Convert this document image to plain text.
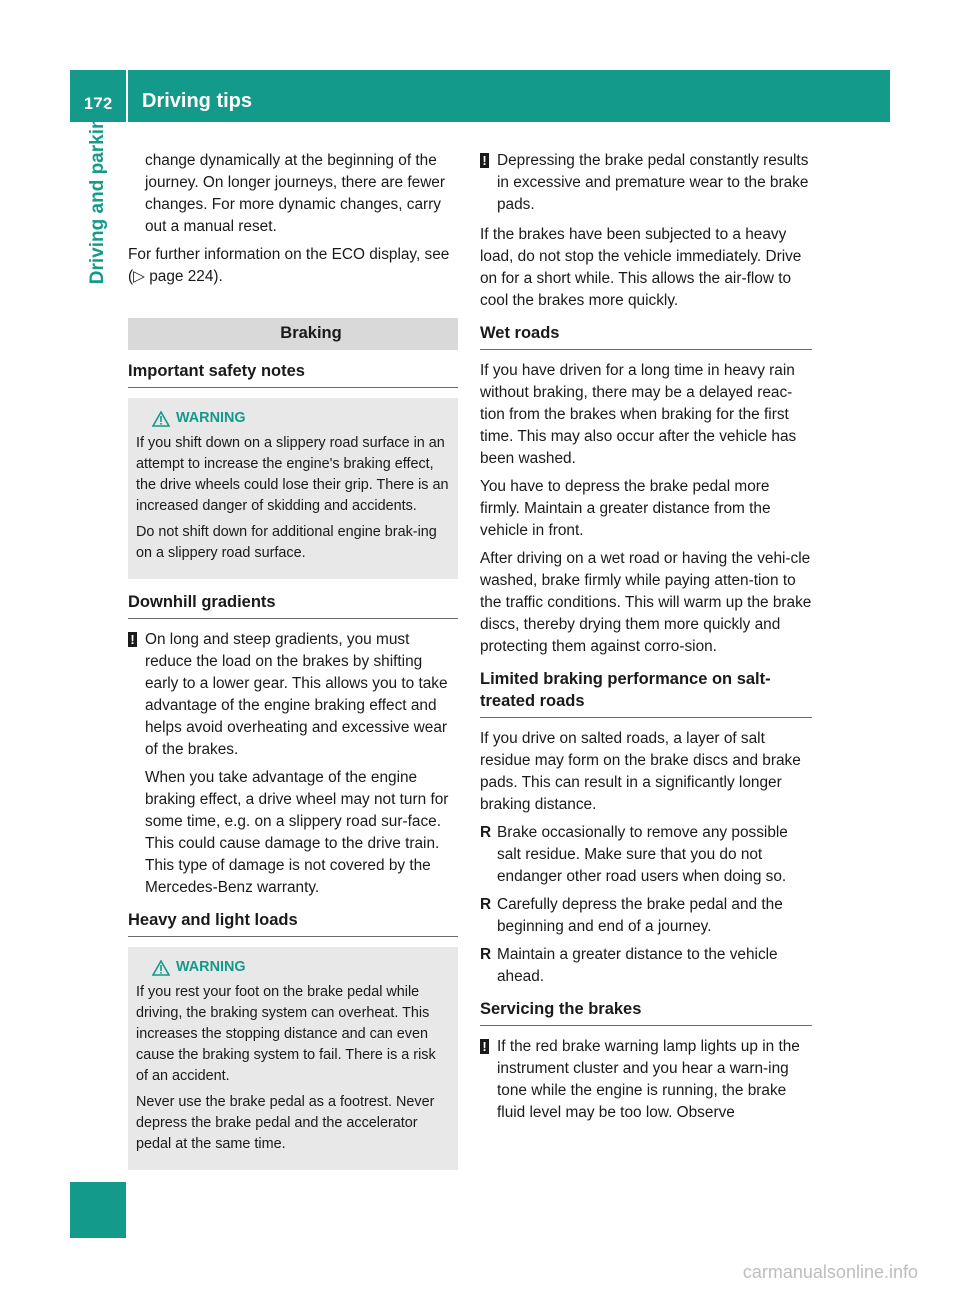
172	Driving tips
Driving and parking	change dynamically at the beginning of the journey. On longer journeys, there are fewer changes. For more dynamic changes, carry out a manual reset.

For further information on the ECO display, see (▷ page 224).

Braking
Important safety notes
WARNING

If you shift down on a slippery road surface in an attempt to increase the engine's braking effect, the drive wheels could lose their grip. There is an increased danger of skidding and accidents.

Do not shift down for additional engine brak-ing on a slippery road surface.

Downhill gradients
! On long and steep gradients, you must reduce the load on the brakes by shifting early to a lower gear. This allows you to take advantage of the engine braking effect and helps avoid overheating and excessive wear of the brakes.

When you take advantage of the engine braking effect, a drive wheel may not turn for some time, e.g. on a slippery road sur-face. This could cause damage to the drive train. This type of damage is not covered by the Mercedes-Benz warranty.

Heavy and light loads
WARNING

If you rest your foot on the brake pedal while driving, the braking system can overheat. This increases the stopping distance and can even cause the braking system to fail. There is a risk of an accident.

Never use the brake pedal as a footrest. Never depress the brake pedal and the accelerator pedal at the same time.

! Depressing the brake pedal constantly results in excessive and premature wear to the brake pads.

If the brakes have been subjected to a heavy load, do not stop the vehicle immediately. Drive on for a short while. This allows the air-flow to cool the brakes more quickly.

Wet roads

If you have driven for a long time in heavy rain without braking, there may be a delayed reac-tion from the brakes when braking for the first time. This may also occur after the vehicle has been washed.

You have to depress the brake pedal more firmly. Maintain a greater distance from the vehicle in front.

After driving on a wet road or having the vehi-cle washed, brake firmly while paying atten-tion to the traffic conditions. This will warm up the brake discs, thereby drying them more quickly and protecting them against corro-sion.

Limited braking performance on salt-treated roads

If you drive on salted roads, a layer of salt residue may form on the brake discs and brake pads. This can result in a significantly longer braking distance.

R Brake occasionally to remove any possible salt residue. Make sure that you do not endanger other road users when doing so.

R Carefully depress the brake pedal and the beginning and end of a journey.

R Maintain a greater distance to the vehicle ahead.

Servicing the brakes
! If the red brake warning lamp lights up in the instrument cluster and you hear a warn-ing tone while the engine is running, the brake fluid level may be too low. Observe

carmanualsonline.info
